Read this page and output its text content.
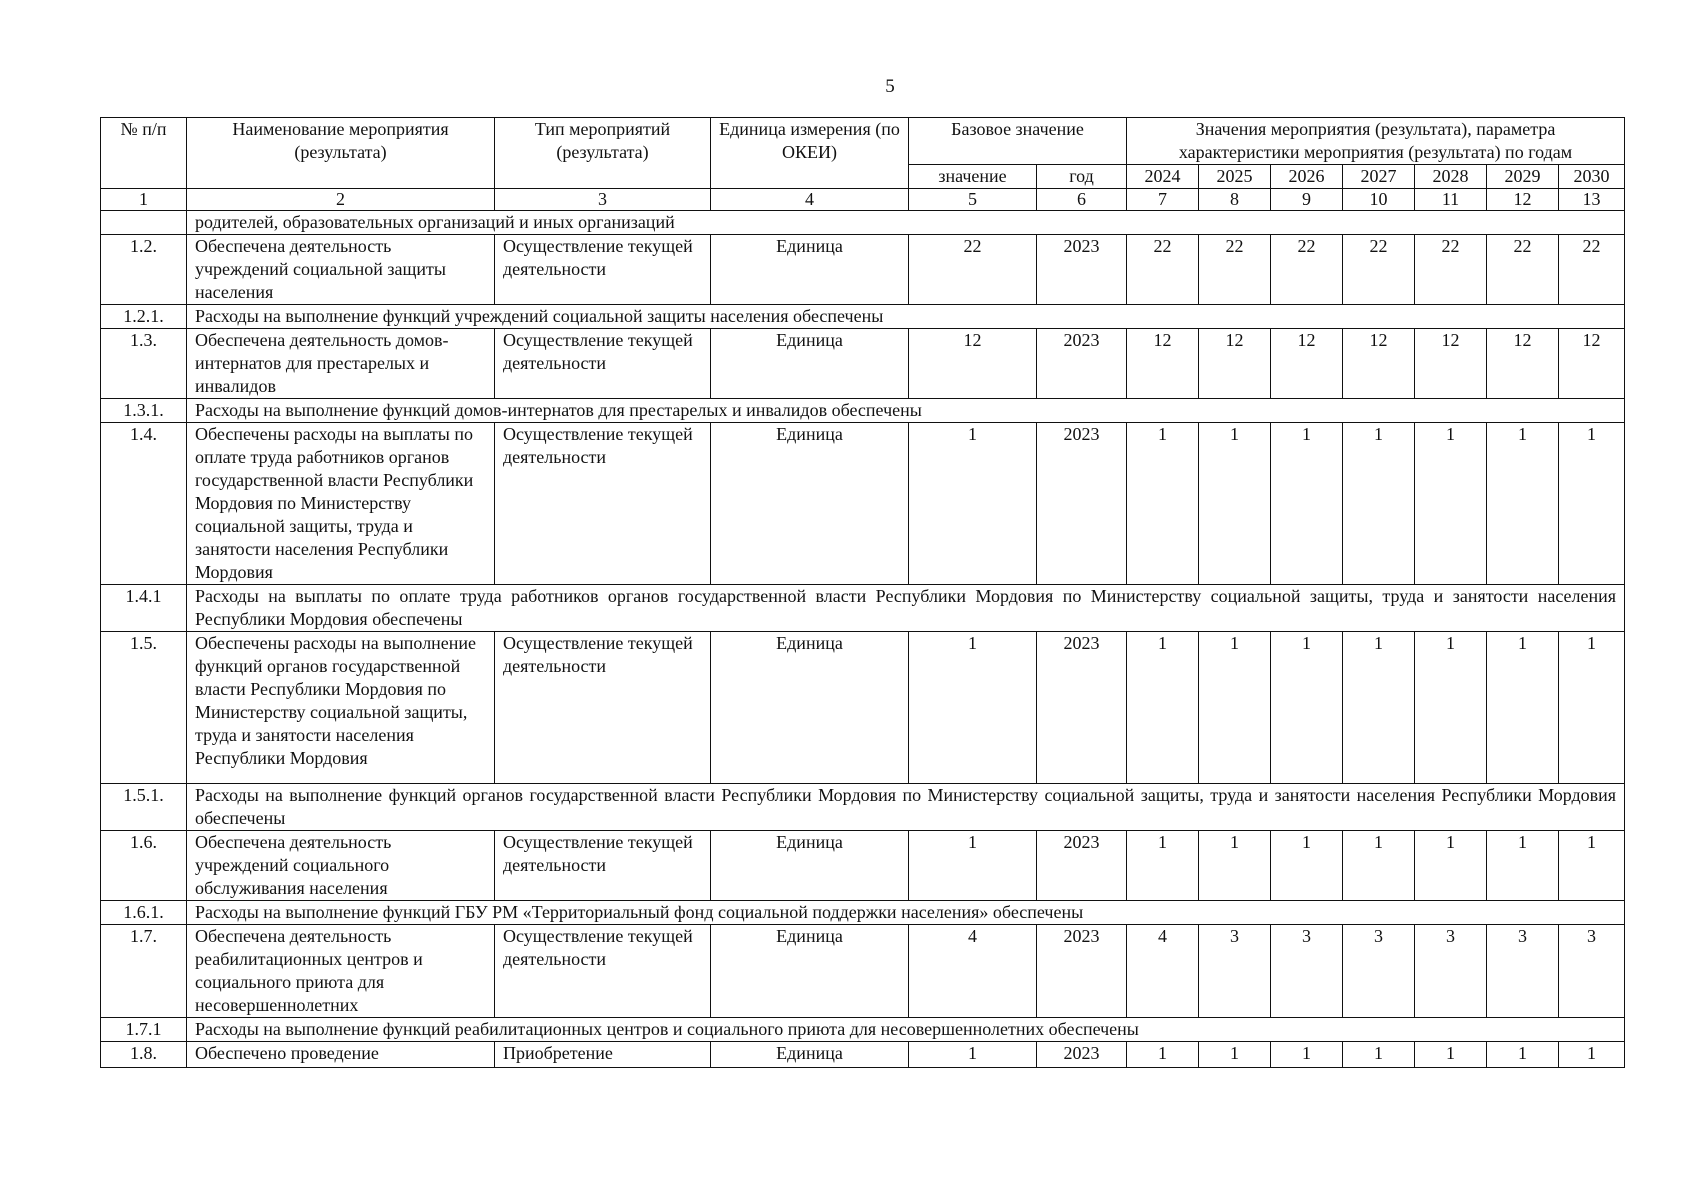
5
№ п/п	Наименование мероприятия (результата)	Тип мероприятий (результата)	Единица измерения (по ОКЕИ)	Базовое значение		Значения мероприятия (результата), параметра характеристики мероприятия (результата) по годам						
				значение	год	2024	2025	2026	2027	2028	2029	2030
1	2	3	4	5	6	7	8	9	10	11	12	13
	родителей, образовательных организаций и иных организаций											
1.2.	Обеспечена деятельность учреждений социальной защиты населения	Осуществление текущей деятельности	Единица	22	2023	22	22	22	22	22	22	22
1.2.1.	Расходы на выполнение функций учреждений социальной защиты населения обеспечены											
1.3.	Обеспечена деятельность домов-интернатов для престарелых и инвалидов	Осуществление текущей деятельности	Единица	12	2023	12	12	12	12	12	12	12
1.3.1.	Расходы на выполнение функций домов-интернатов для престарелых и инвалидов обеспечены											
1.4.	Обеспечены расходы на выплаты по оплате труда работников органов государственной власти Республики Мордовия по Министерству социальной защиты, труда и занятости населения Республики Мордовия	Осуществление текущей деятельности	Единица	1	2023	1	1	1	1	1	1	1
1.4.1	Расходы на выплаты по оплате труда работников органов государственной власти Республики Мордовия по Министерству социальной защиты, труда и занятости населения Республики Мордовия обеспечены											
1.5.	Обеспечены расходы на выполнение функций органов государственной власти Республики Мордовия по Министерству социальной защиты, труда и занятости населения Республики Мордовия	Осуществление текущей деятельности	Единица	1	2023	1	1	1	1	1	1	1
1.5.1.	Расходы на выполнение функций органов государственной власти Республики Мордовия по Министерству социальной защиты, труда и занятости населения Республики Мордовия обеспечены											
1.6.	Обеспечена деятельность учреждений социального обслуживания населения	Осуществление текущей деятельности	Единица	1	2023	1	1	1	1	1	1	1
1.6.1.	Расходы на выполнение функций ГБУ РМ «Территориальный фонд социальной поддержки населения» обеспечены											
1.7.	Обеспечена деятельность реабилитационных центров и социального приюта для несовершеннолетних	Осуществление текущей деятельности	Единица	4	2023	4	3	3	3	3	3	3
1.7.1	Расходы на выполнение функций реабилитационных центров и социального приюта для несовершеннолетних обеспечены											
1.8.	Обеспечено проведение	Приобретение	Единица	1	2023	1	1	1	1	1	1	1
